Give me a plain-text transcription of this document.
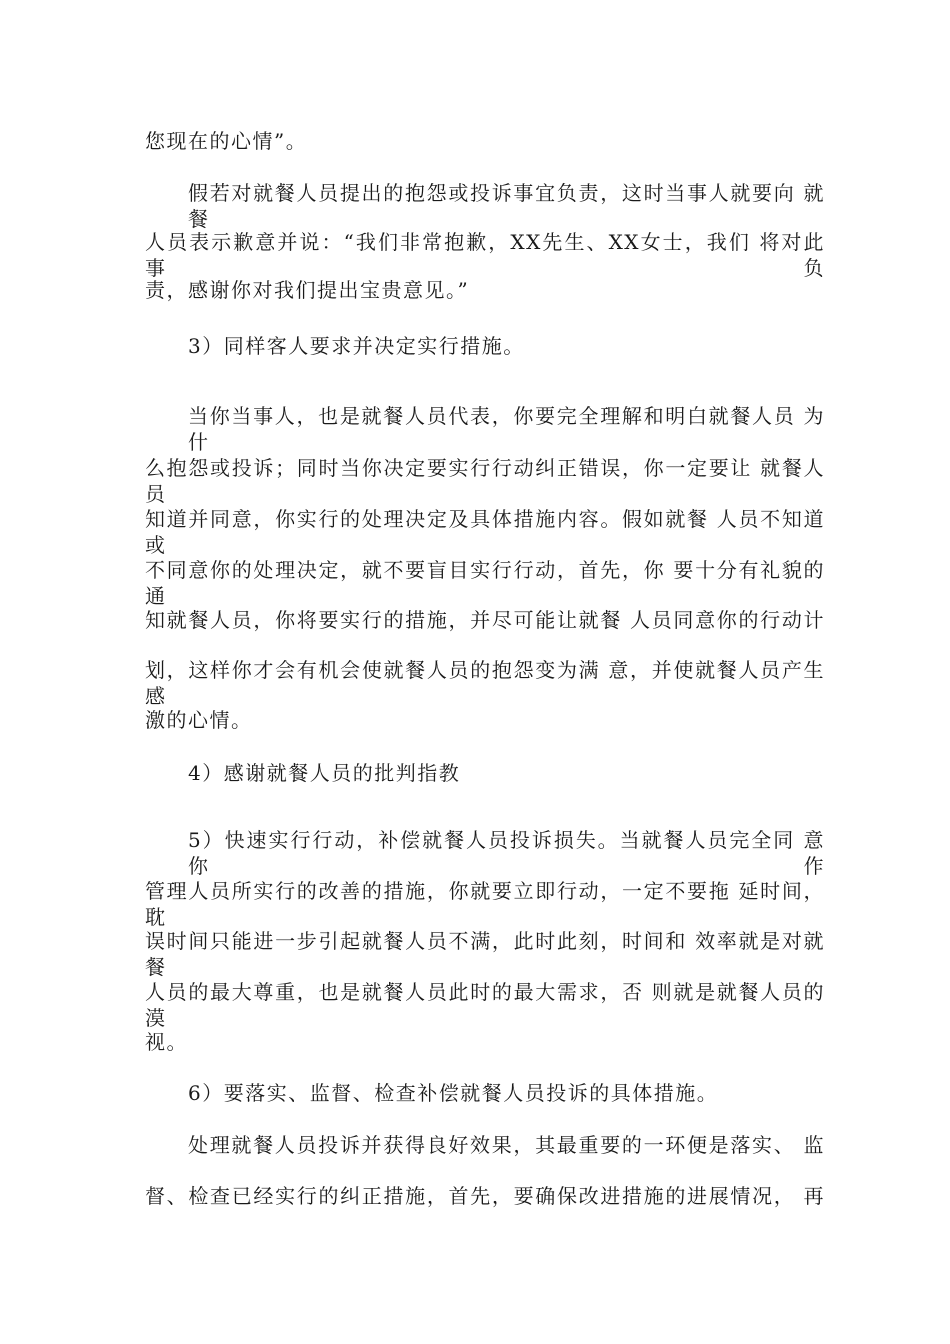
您现在的心情”。
假若对就餐人员提出的抱怨或投诉事宜负责，这时当事人就要向 就餐
人员表示歉意并说：“我们非常抱歉，XX先生、XX女士，我们 将对此事负
责，感谢你对我们提出宝贵意见。”
3）同样客人要求并决定实行措施。
当你当事人，也是就餐人员代表，你要完全理解和明白就餐人员 为什
么抱怨或投诉；同时当你决定要实行行动纠正错误，你一定要让 就餐人员
知道并同意，你实行的处理决定及具体措施内容。假如就餐 人员不知道或
不同意你的处理决定，就不要盲目实行行动，首先，你 要十分有礼貌的通
知就餐人员，你将要实行的措施，并尽可能让就餐 人员同意你的行动计
划，这样你才会有机会使就餐人员的抱怨变为满 意，并使就餐人员产生感
激的心情。
4）感谢就餐人员的批判指教
5）快速实行行动，补偿就餐人员投诉损失。当就餐人员完全同 意你作
管理人员所实行的改善的措施，你就要立即行动，一定不要拖 延时间，耽
误时间只能进一步引起就餐人员不满，此时此刻，时间和 效率就是对就餐
人员的最大尊重，也是就餐人员此时的最大需求，否 则就是就餐人员的漠
视。
6）要落实、监督、检查补偿就餐人员投诉的具体措施。
处理就餐人员投诉并获得良好效果，其最重要的一环便是落实、 监
督、检查已经实行的纠正措施，首先，要确保改进措施的进展情况， 再
